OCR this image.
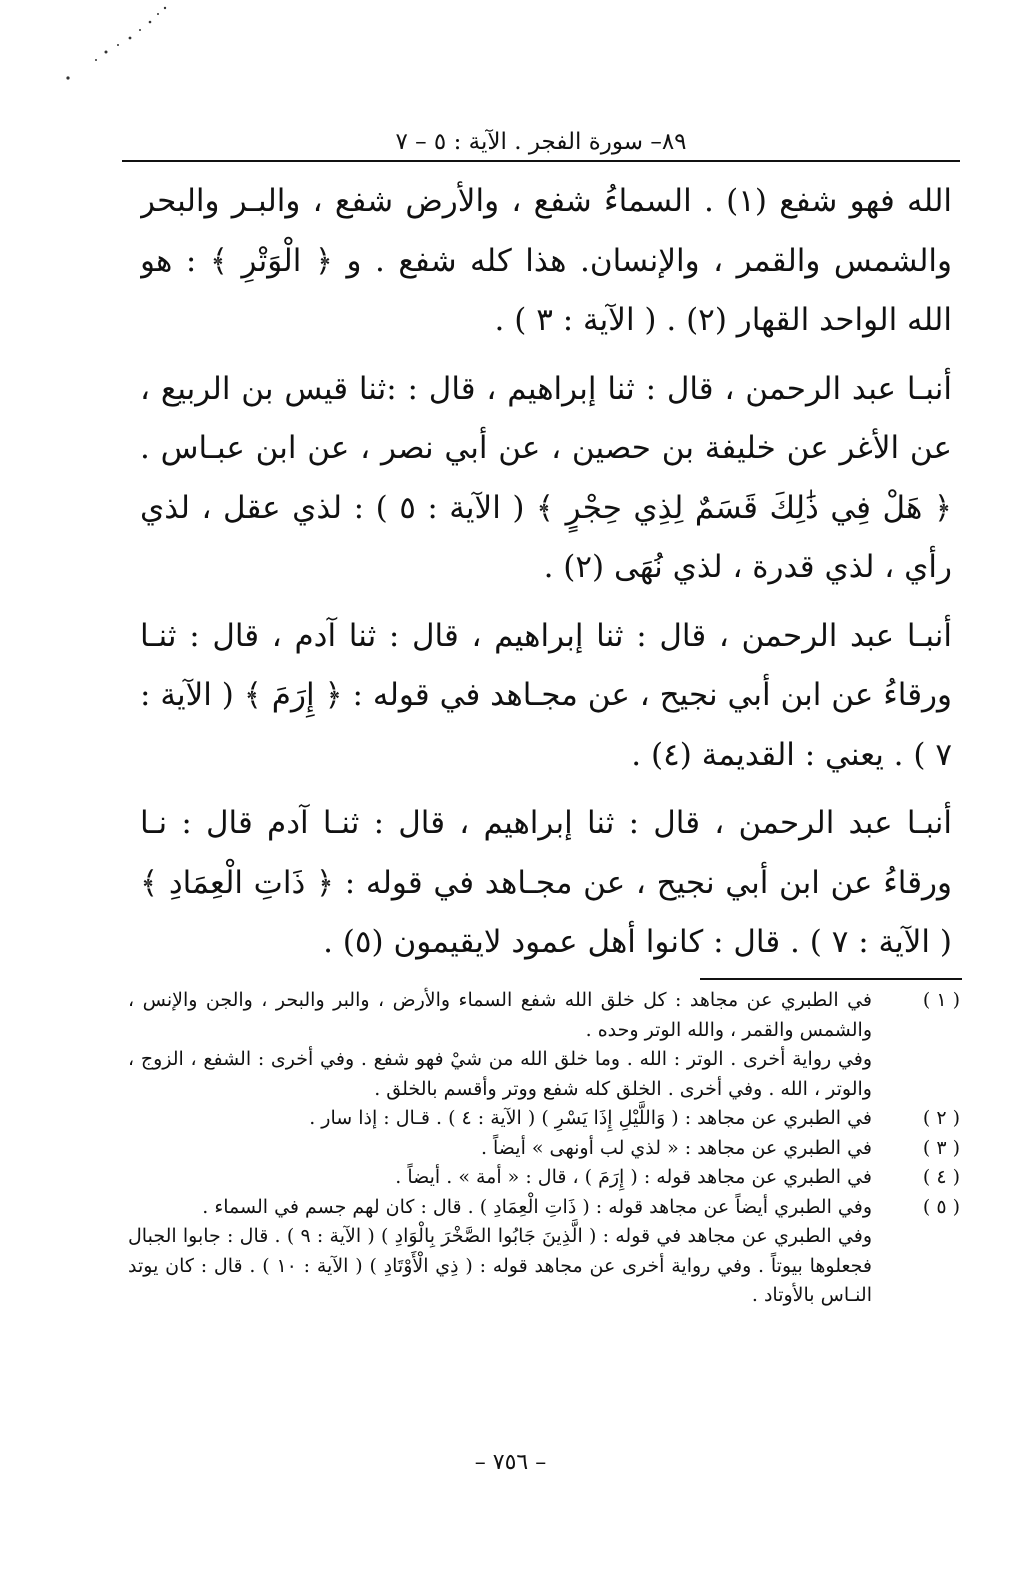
٨٩– سورة الفجر . الآية : ٥ – ٧

الله فهو شفع (١) . السماءُ شفع ، والأرض شفع ، والبـر والبحر والشمس والقمر ، والإنسان. هذا كله شفع . و ﴿ الْوَتْرِ ﴾ : هو الله الواحد القهار (٢) . ( الآية : ٣ ) .

أنبـا عبد الرحمن ، قال : ثنا إبراهيم ، قال : :ثنا قيس بن الربيع ، عن الأغر عن خليفة بن حصين ، عن أبي نصر ، عن ابن عبـاس . ﴿ هَلْ فِي ذَٰلِكَ قَسَمٌ لِذِي حِجْرٍ ﴾ ( الآية : ٥ ) : لذي عقل ، لذي رأي ، لذي قدرة ، لذي نُهَى (٢) .

أنبـا عبد الرحمن ، قال : ثنا إبراهيم ، قال : ثنا آدم ، قال : ثنـا ورقاءُ عن ابن أبي نجيح ، عن مجـاهد في قوله : ﴿ إِرَمَ ﴾ ( الآية : ٧ ) . يعني : القديمة (٤) .

أنبـا عبد الرحمن ، قال : ثنا إبراهيم ، قال : ثنـا آدم قال : نـا ورقاءُ عن ابن أبي نجيح ، عن مجـاهد في قوله : ﴿ ذَاتِ الْعِمَادِ ﴾ ( الآية : ٧ ) . قال : كانوا أهل عمود لايقيمون (٥) .

( ١ )
في الطبري عن مجاهد : كل خلق الله شفع السماء والأرض ، والبر والبحر ، والجن والإنس ، والشمس والقمر ، والله الوتر وحده .

وفي رواية أخرى . الوتر : الله . وما خلق الله من شيْ فهو شفع . وفي أخرى : الشفع ، الزوج ، والوتر ، الله . وفي أخرى . الخلق كله شفع ووتر وأقسم بالخلق .

( ٢ )
في الطبري عن مجاهد : ( وَاللَّيْلِ إِذَا يَسْرِ ) ( الآية : ٤ ) . قـال : إذا سار .

( ٣ )
في الطبري عن مجاهد : « لذي لب أونهى » أيضاً .

( ٤ )
في الطبري عن مجاهد قوله : ( إِرَمَ ) ، قال : « أمة » . أيضاً .

( ٥ )
وفي الطبري أيضاً عن مجاهد قوله : ( ذَاتِ الْعِمَادِ ) . قال : كان لهم جسم في السماء .

وفي الطبري عن مجاهد في قوله : ( الَّذِينَ جَابُوا الصَّخْرَ بِالْوَادِ ) ( الآية : ٩ ) . قال : جابوا الجبال فجعلوها بيوتاً . وفي رواية أخرى عن مجاهد قوله : ( ذِي الْأَوْتَادِ ) ( الآية : ١٠ ) . قال : كان يوتد النـاس بالأوتاد .

– ٧٥٦ –
